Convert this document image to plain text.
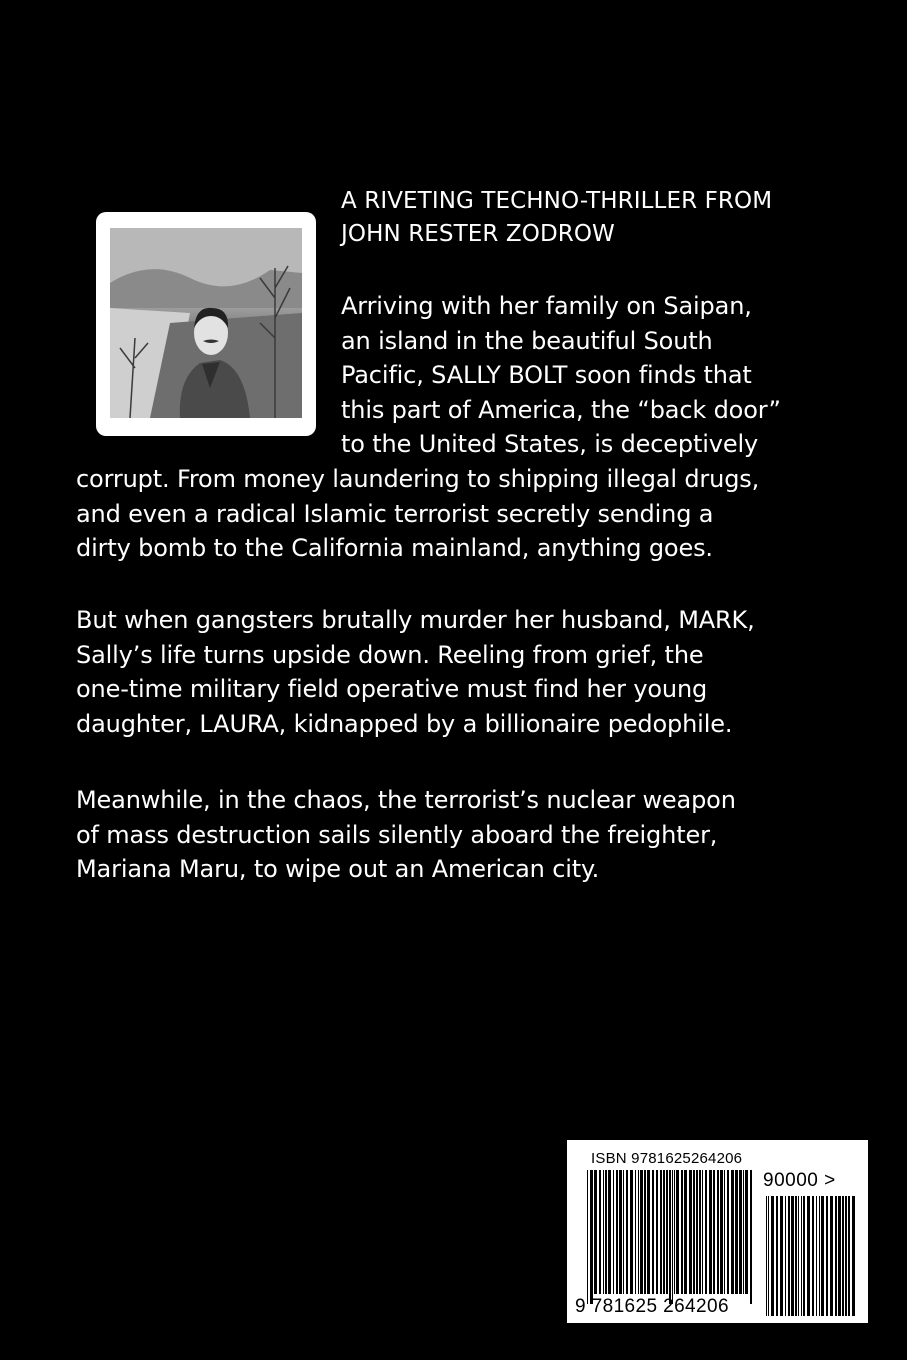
A RIVETING TECHNO-THRILLER FROM
JOHN RESTER ZODROW
Arriving with her family on Saipan,
an island in the beautiful South
Pacific, SALLY BOLT soon finds that
this part of America, the “back door”
to the United States, is deceptively
corrupt. From money laundering to shipping illegal drugs,
and even a radical Islamic terrorist secretly sending a
dirty bomb to the California mainland, anything goes.
But when gangsters brutally murder her husband, MARK,
Sally’s life turns upside down. Reeling from grief, the
one-time military field operative must find her young
daughter, LAURA, kidnapped by a billionaire pedophile.
Meanwhile, in the chaos, the terrorist’s nuclear weapon
of mass destruction sails silently aboard the freighter,
Mariana Maru, to wipe out an American city.
ISBN 9781625264206
90000 >
9 781625 264206
